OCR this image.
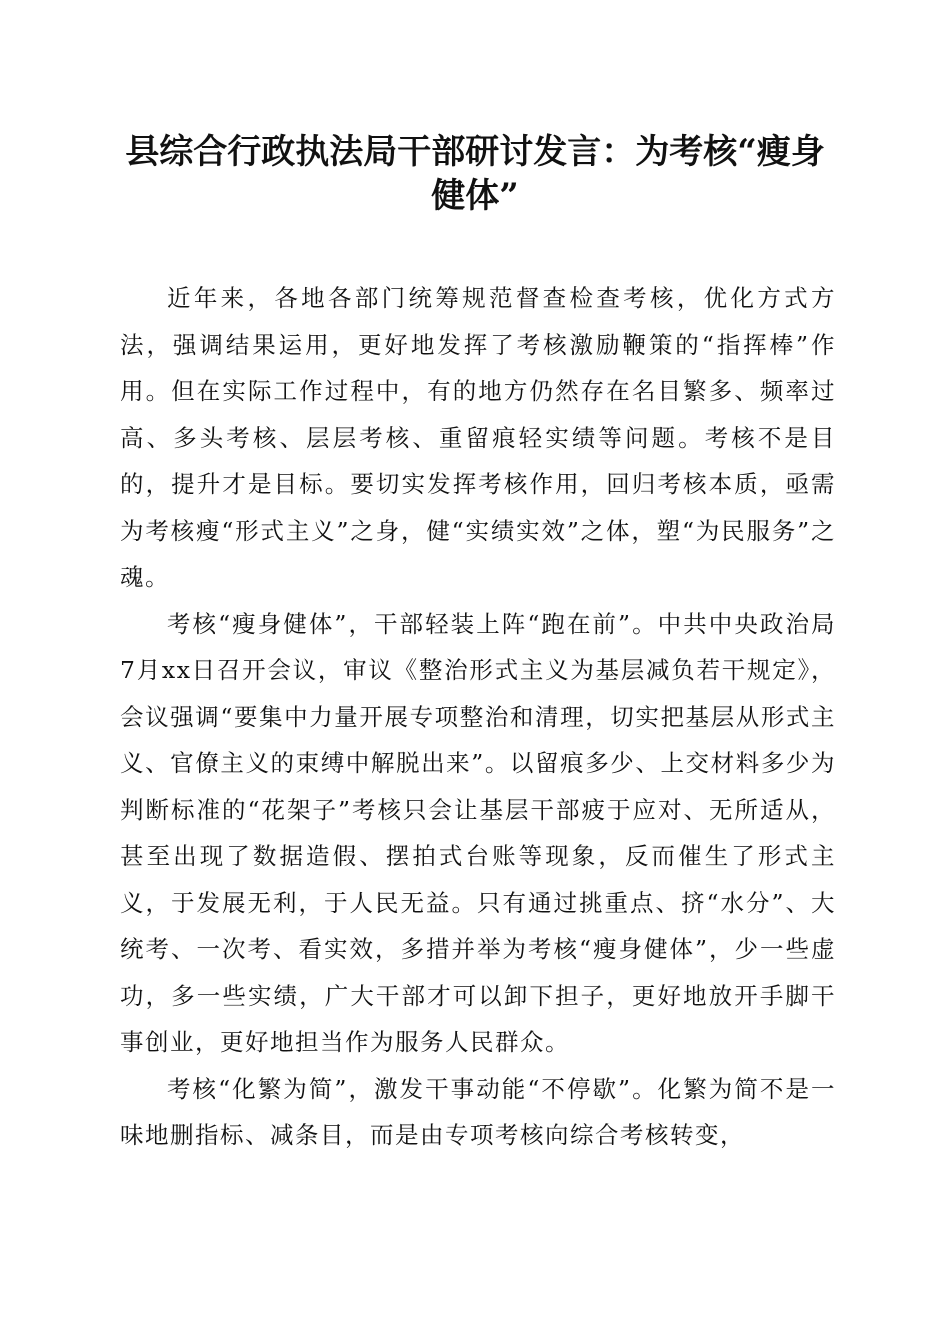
县综合行政执法局干部研讨发言：为考核“瘦身健体”

近年来，各地各部门统筹规范督查检查考核，优化方式方法，强调结果运用，更好地发挥了考核激励鞭策的“指挥棒”作用。但在实际工作过程中，有的地方仍然存在名目繁多、频率过高、多头考核、层层考核、重留痕轻实绩等问题。考核不是目的，提升才是目标。要切实发挥考核作用，回归考核本质，亟需为考核瘦“形式主义”之身，健“实绩实效”之体，塑“为民服务”之魂。

考核“瘦身健体”，干部轻装上阵“跑在前”。中共中央政治局7月xx日召开会议，审议《整治形式主义为基层减负若干规定》，会议强调“要集中力量开展专项整治和清理，切实把基层从形式主义、官僚主义的束缚中解脱出来”。以留痕多少、上交材料多少为判断标准的“花架子”考核只会让基层干部疲于应对、无所适从，甚至出现了数据造假、摆拍式台账等现象，反而催生了形式主义，于发展无利，于人民无益。只有通过挑重点、挤“水分”、大统考、一次考、看实效，多措并举为考核“瘦身健体”，少一些虚功，多一些实绩，广大干部才可以卸下担子，更好地放开手脚干事创业，更好地担当作为服务人民群众。

考核“化繁为简”，激发干事动能“不停歇”。化繁为简不是一味地删指标、减条目，而是由专项考核向综合考核转变，
